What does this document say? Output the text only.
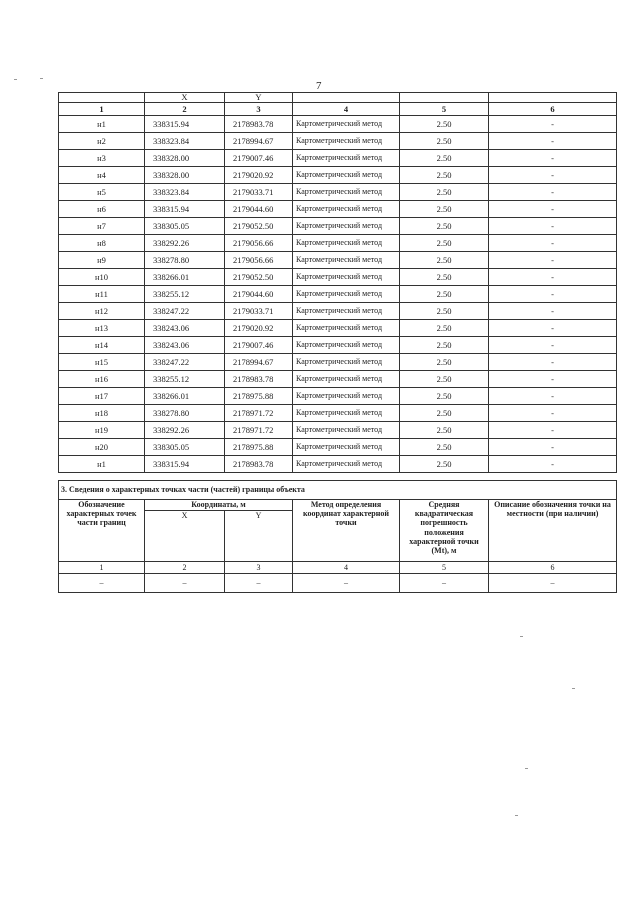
7
	X	Y			
1	2	3	4	5	6
н1	338315.94	2178983.78	Картометрический метод	2.50	-
н2	338323.84	2178994.67	Картометрический метод	2.50	-
н3	338328.00	2179007.46	Картометрический метод	2.50	-
н4	338328.00	2179020.92	Картометрический метод	2.50	-
н5	338323.84	2179033.71	Картометрический метод	2.50	-
н6	338315.94	2179044.60	Картометрический метод	2.50	-
н7	338305.05	2179052.50	Картометрический метод	2.50	-
н8	338292.26	2179056.66	Картометрический метод	2.50	-
н9	338278.80	2179056.66	Картометрический метод	2.50	-
н10	338266.01	2179052.50	Картометрический метод	2.50	-
н11	338255.12	2179044.60	Картометрический метод	2.50	-
н12	338247.22	2179033.71	Картометрический метод	2.50	-
н13	338243.06	2179020.92	Картометрический метод	2.50	-
н14	338243.06	2179007.46	Картометрический метод	2.50	-
н15	338247.22	2178994.67	Картометрический метод	2.50	-
н16	338255.12	2178983.78	Картометрический метод	2.50	-
н17	338266.01	2178975.88	Картометрический метод	2.50	-
н18	338278.80	2178971.72	Картометрический метод	2.50	-
н19	338292.26	2178971.72	Картометрический метод	2.50	-
н20	338305.05	2178975.88	Картометрический метод	2.50	-
н1	338315.94	2178983.78	Картометрический метод	2.50	-
3. Сведения о характерных точках части (частей) границы объекта					
Обозначение характерных точек части границ	Координаты, м		Метод определения координат характерной точки	Средняя квадратическая погрешность положения характерной точки (Mt), м	Описание обозначения точки на местности (при наличии)
	X	Y			
1	2	3	4	5	6
–	–	–	–	–	–
